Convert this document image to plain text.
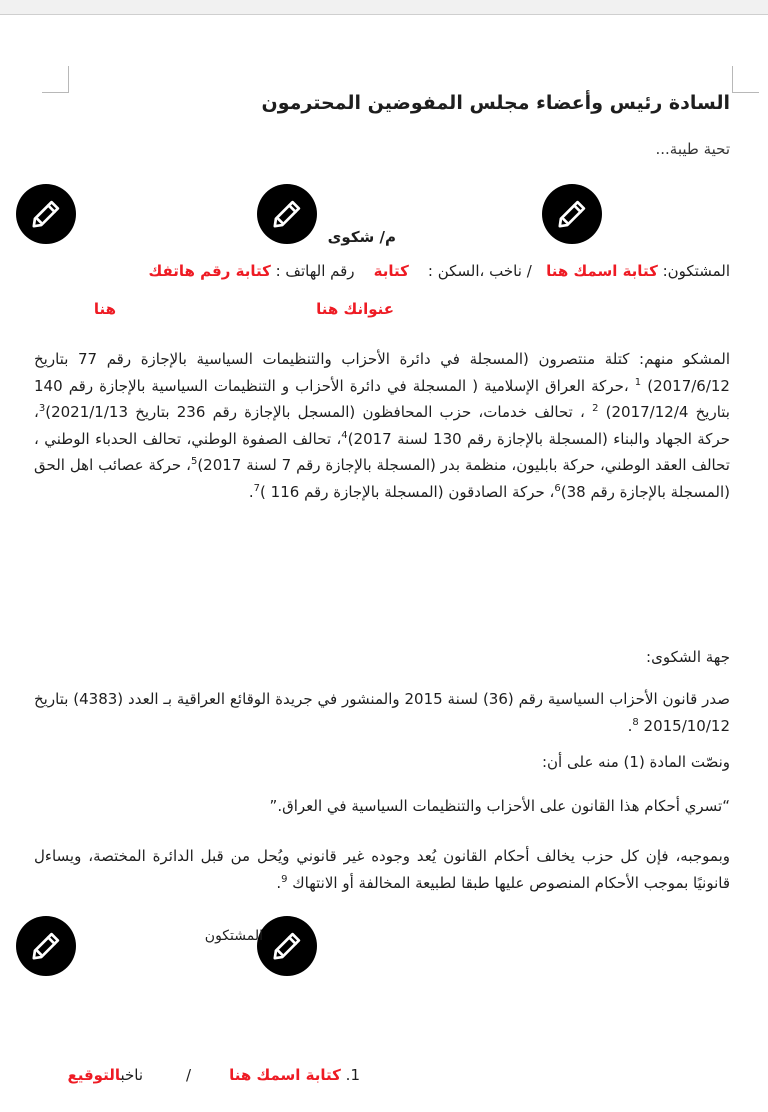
السادة رئيس وأعضاء مجلس المفوضين المحترمون
تحية طيبة...
م/ شكوى
المشتكون: كتابة اسمك هنا   / ناخب ،السكن :    كتابة    رقم الهاتف : كتابة رقم هاتفك
عنوانك هنا
هنا

المشكو منهم: كتلة منتصرون (المسجلة في دائرة الأحزاب والتنظيمات السياسية بالإجازة رقم 77 بتاريخ 2017/6/12) $^1$ ،حركة العراق الإسلامية ( المسجلة في دائرة الأحزاب و التنظيمات السياسية بالإجازة رقم 140 بتاريخ 2017/12/4) $^2$ ، تحالف خدمات، حزب المحافظون (المسجل بالإجازة رقم 236 بتاريخ 2021/1/13)$^3$، حركة الجهاد والبناء (المسجلة بالإجازة رقم 130 لسنة 2017)$^4$، تحالف الصفوة الوطني، تحالف الحدباء الوطني ، تحالف العقد الوطني، حركة بابليون، منظمة بدر (المسجلة بالإجازة رقم 7 لسنة 2017)$^5$، حركة عصائب اهل الحق (المسجلة بالإجازة رقم 38)$^6$، حركة الصادقون (المسجلة بالإجازة رقم 116 )$^7$.

جهة الشكوى:
صدر قانون الأحزاب السياسية رقم (36) لسنة 2015 والمنشور في جريدة الوقائع العراقية بـ العدد (4383) بتاريخ 2015/10/12 $^8$.
ونصّت المادة (1) منه على أن:
“تسري أحكام هذا القانون على الأحزاب والتنظيمات السياسية في العراق.”
وبموجبه، فإن كل حزب يخالف أحكام القانون يُعد وجوده غير قانوني ويُحل من قبل الدائرة المختصة، ويساءل قانونيًا بموجب الأحكام المنصوص عليها طبقا لطبيعة المخالفة أو الانتهاك $^9$.
المشتكون
1. كتابة اسمك هنا        /         ناخبالتوقيع
